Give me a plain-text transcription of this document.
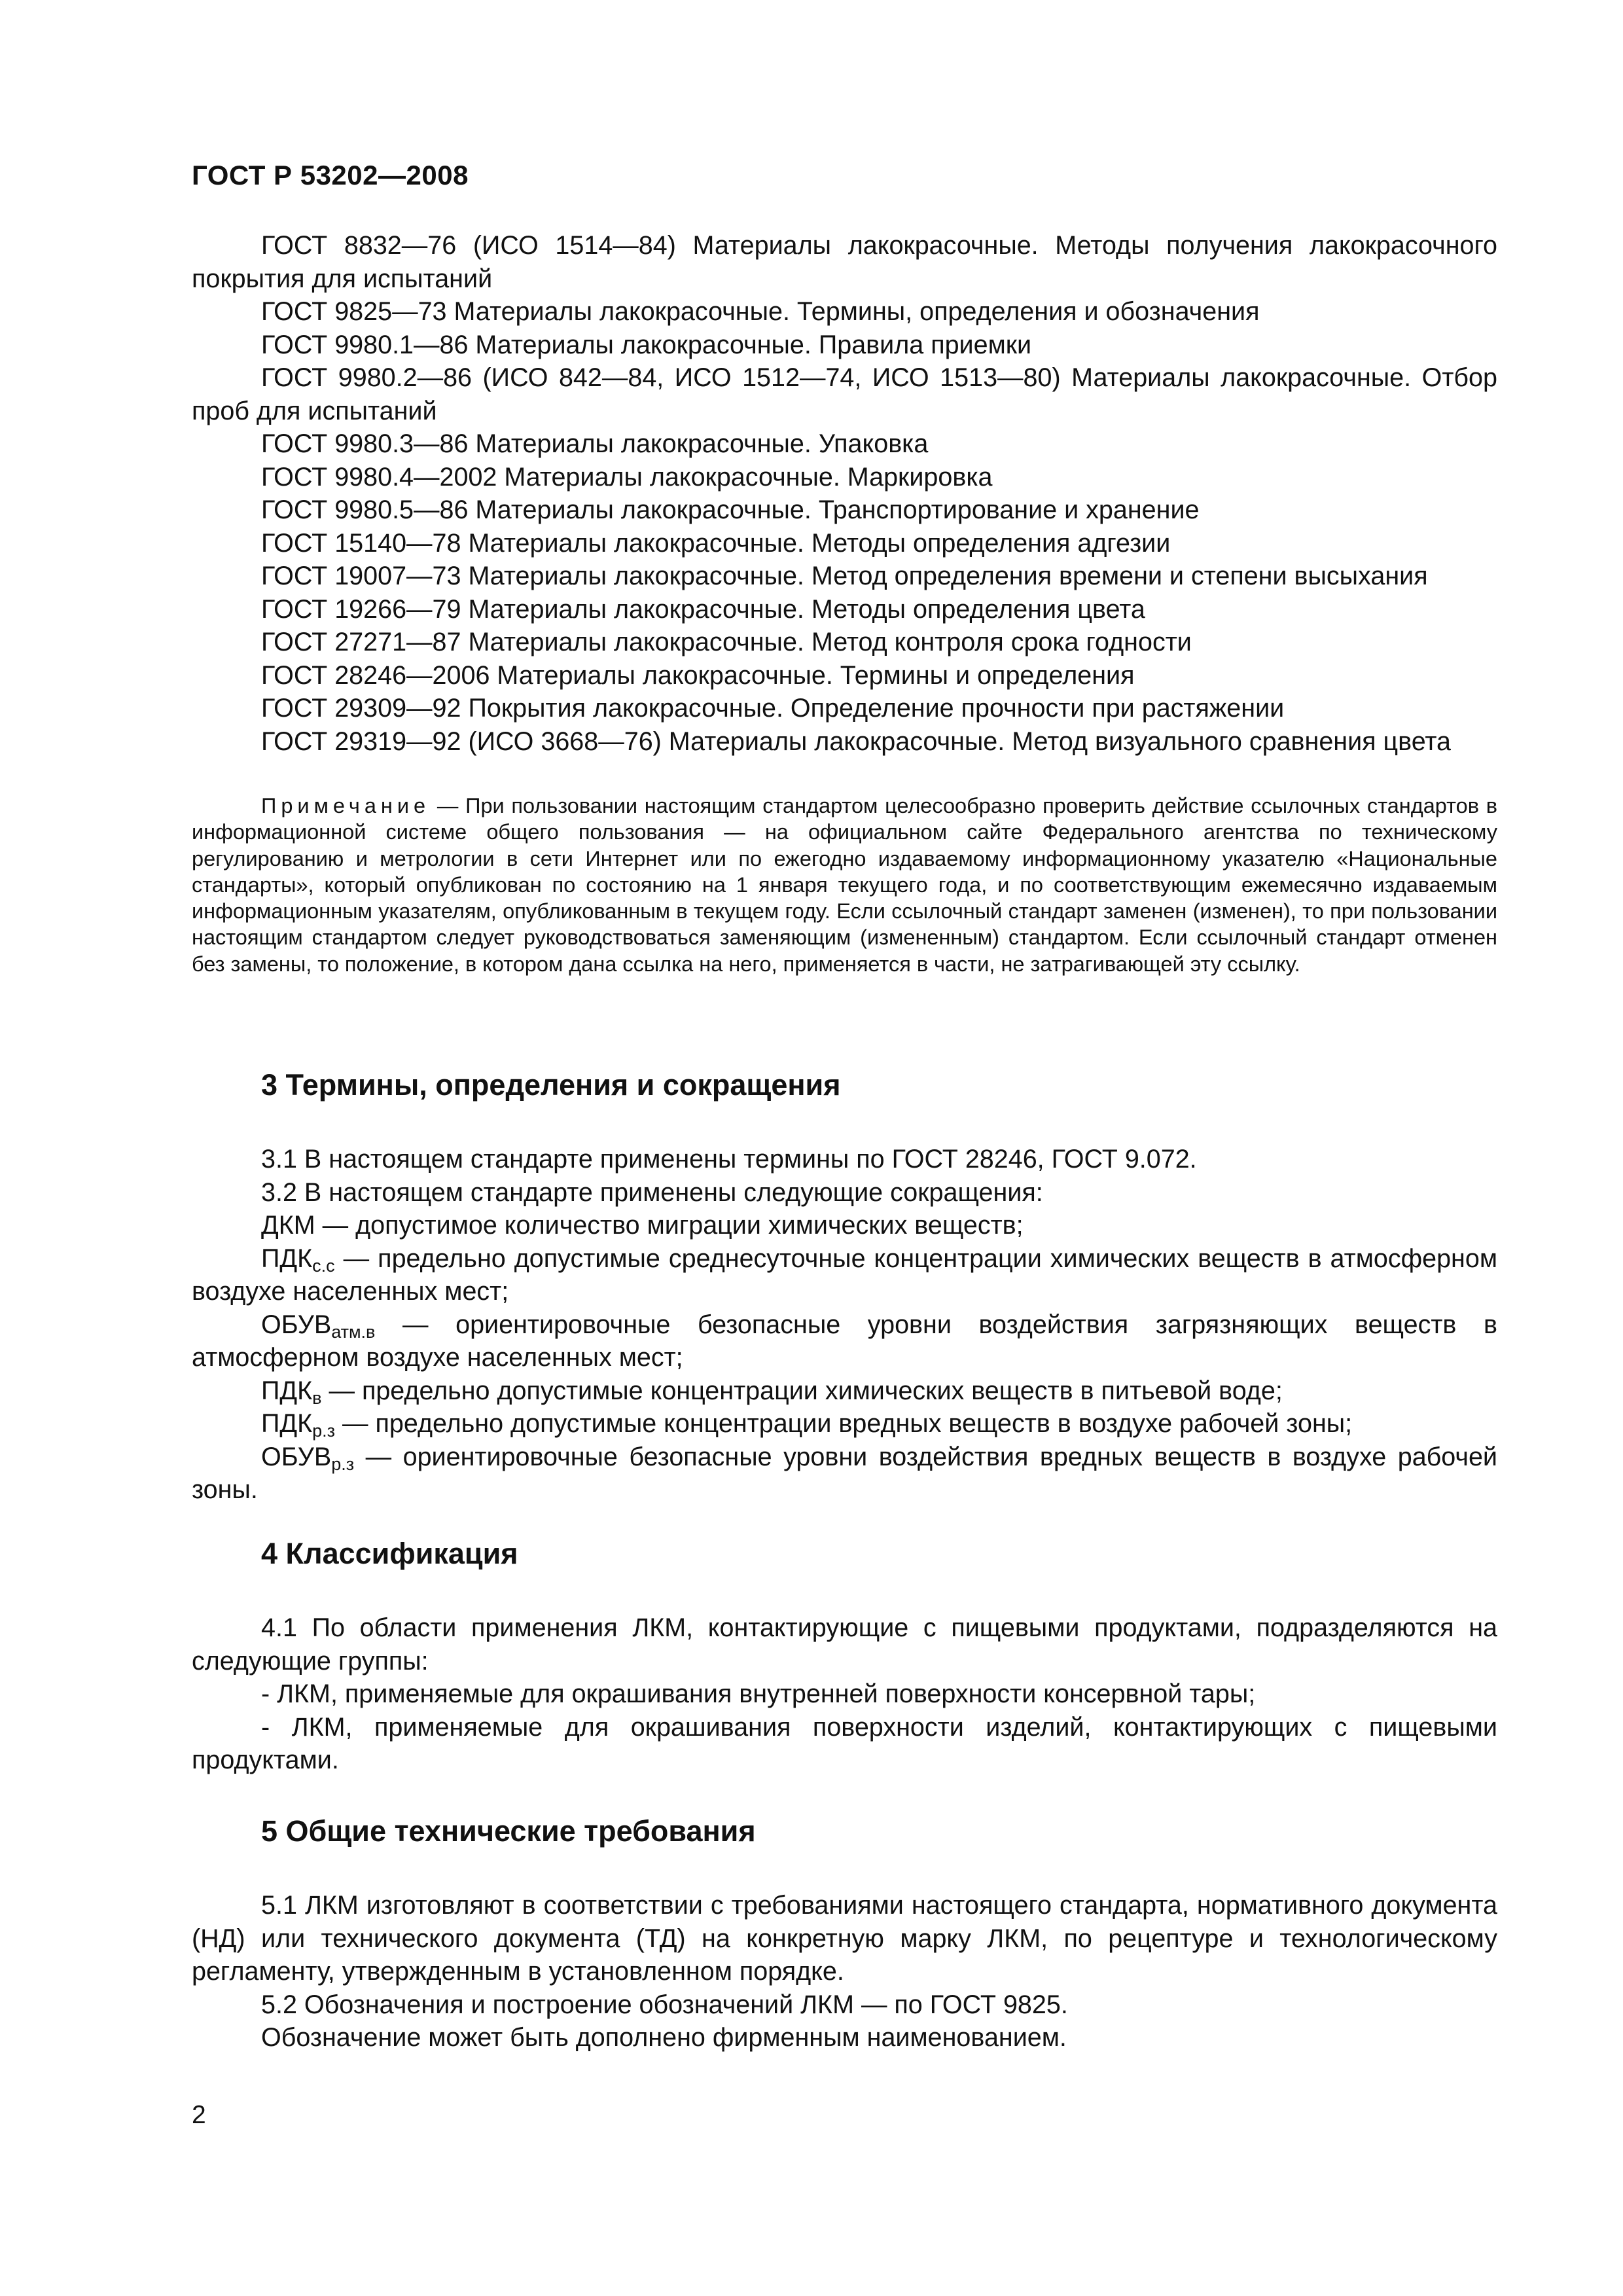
ГОСТ Р 53202—2008

ГОСТ 8832—76 (ИСО 1514—84) Материалы лакокрасочные. Методы получения лакокрасочного покрытия для испытаний

ГОСТ 9825—73 Материалы лакокрасочные. Термины, определения и обозначения

ГОСТ 9980.1—86 Материалы лакокрасочные. Правила приемки

ГОСТ 9980.2—86 (ИСО 842—84, ИСО 1512—74, ИСО 1513—80) Материалы лакокрасочные. Отбор проб для испытаний

ГОСТ 9980.3—86 Материалы лакокрасочные. Упаковка

ГОСТ 9980.4—2002 Материалы лакокрасочные. Маркировка

ГОСТ 9980.5—86 Материалы лакокрасочные. Транспортирование и хранение

ГОСТ 15140—78 Материалы лакокрасочные. Методы определения адгезии

ГОСТ 19007—73 Материалы лакокрасочные. Метод определения времени и степени высыхания

ГОСТ 19266—79 Материалы лакокрасочные. Методы определения цвета

ГОСТ 27271—87 Материалы лакокрасочные. Метод контроля срока годности

ГОСТ 28246—2006 Материалы лакокрасочные. Термины и определения

ГОСТ 29309—92 Покрытия лакокрасочные. Определение прочности при растяжении

ГОСТ 29319—92 (ИСО 3668—76) Материалы лакокрасочные. Метод визуального сравнения цвета

Примечание — При пользовании настоящим стандартом целесообразно проверить действие ссылочных стандартов в информационной системе общего пользования — на официальном сайте Федерального агентства по техническому регулированию и метрологии в сети Интернет или по ежегодно издаваемому информационному указателю «Национальные стандарты», который опубликован по состоянию на 1 января текущего года, и по соответствующим ежемесячно издаваемым информационным указателям, опубликованным в текущем году. Если ссылочный стандарт заменен (изменен), то при пользовании настоящим стандартом следует руководствоваться заменяющим (измененным) стандартом. Если ссылочный стандарт отменен без замены, то положение, в котором дана ссылка на него, применяется в части, не затрагивающей эту ссылку.

3 Термины, определения и сокращения

3.1 В настоящем стандарте применены термины по ГОСТ 28246, ГОСТ 9.072.

3.2 В настоящем стандарте применены следующие сокращения:

ДКМ — допустимое количество миграции химических веществ;

$ПДК_{с.с}$ — предельно допустимые среднесуточные концентрации химических веществ в атмосферном воздухе населенных мест;

$ОБУВ_{атм.в}$ — ориентировочные безопасные уровни воздействия загрязняющих веществ в атмосферном воздухе населенных мест;

$ПДК_в$ — предельно допустимые концентрации химических веществ в питьевой воде;

$ПДК_{р.з}$ — предельно допустимые концентрации вредных веществ в воздухе рабочей зоны;

$ОБУВ_{р.з}$ — ориентировочные безопасные уровни воздействия вредных веществ в воздухе рабочей зоны.

4 Классификация

4.1 По области применения ЛКМ, контактирующие с пищевыми продуктами, подразделяются на следующие группы:

- ЛКМ, применяемые для окрашивания внутренней поверхности консервной тары;

- ЛКМ, применяемые для окрашивания поверхности изделий, контактирующих с пищевыми продуктами.

5 Общие технические требования

5.1 ЛКМ изготовляют в соответствии с требованиями настоящего стандарта, нормативного документа (НД) или технического документа (ТД) на конкретную марку ЛКМ, по рецептуре и технологическому регламенту, утвержденным в установленном порядке.

5.2 Обозначения и построение обозначений ЛКМ — по ГОСТ 9825.

Обозначение может быть дополнено фирменным наименованием.

2
